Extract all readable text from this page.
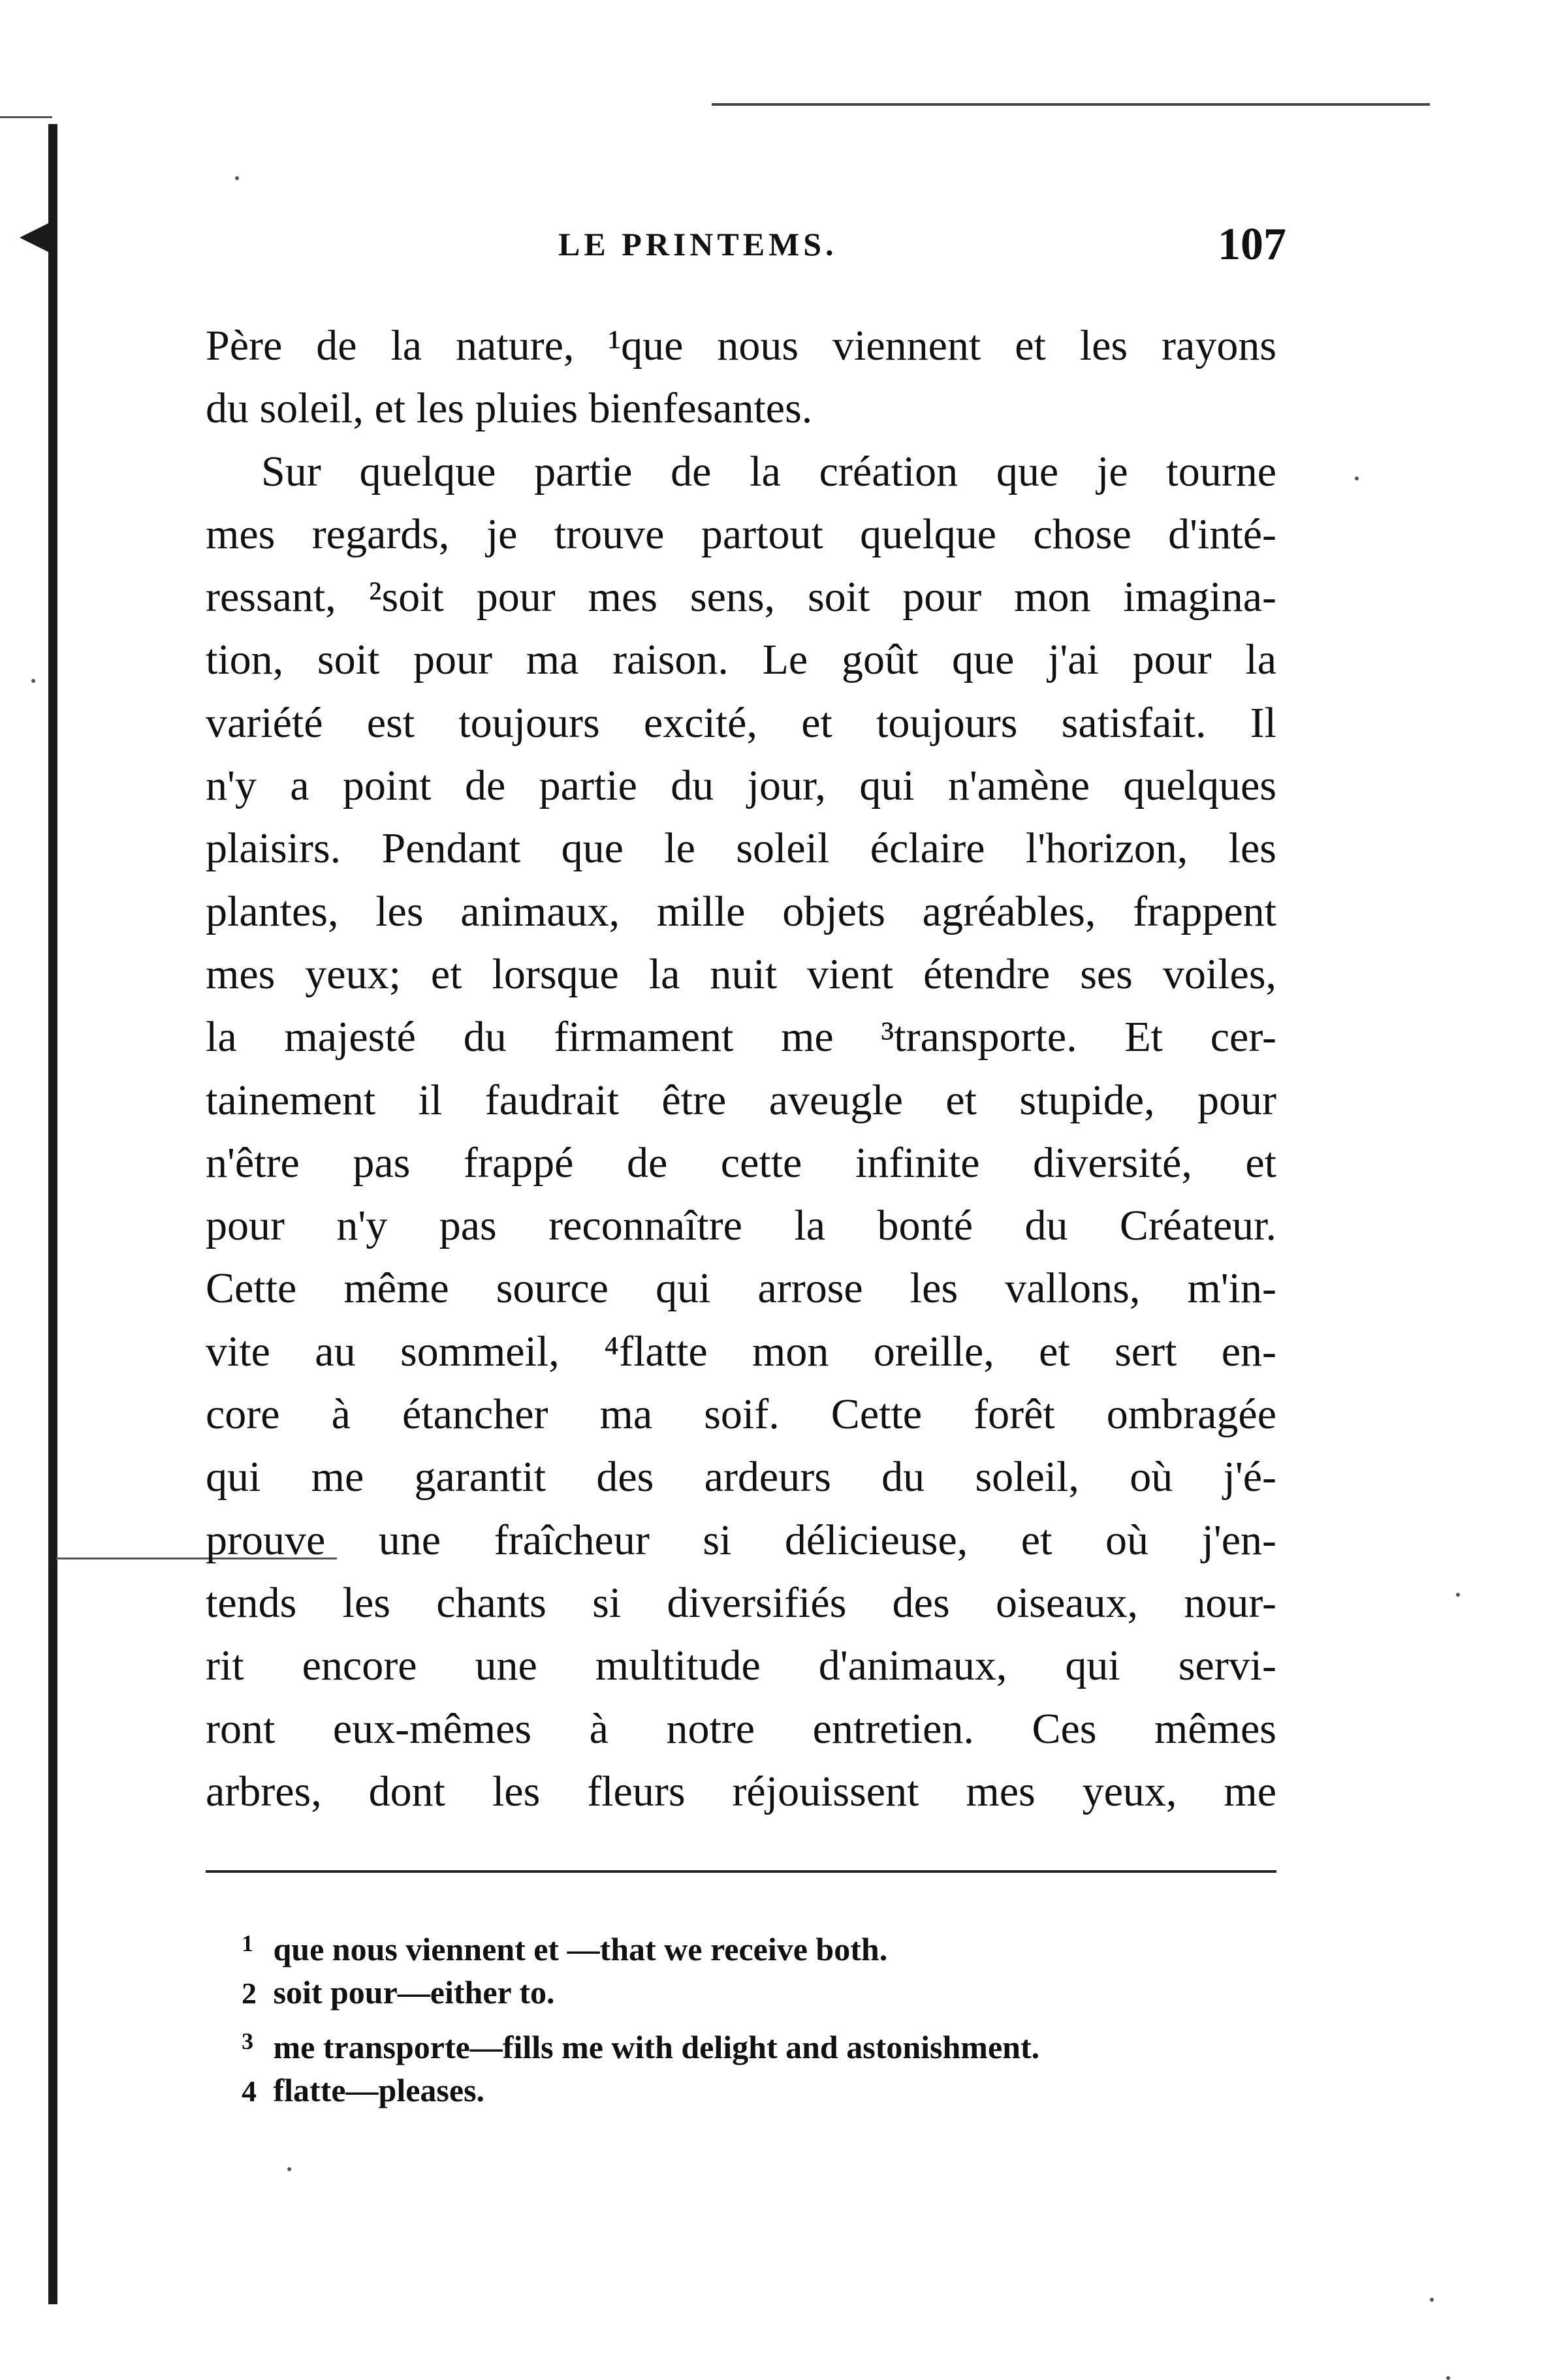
LE PRINTEMS.	107
Père de la nature, ¹que nous viennent et les rayons
du soleil, et les pluies bienfesantes.
Sur quelque partie de la création que je tourne
mes regards, je trouve partout quelque chose d'inté-
ressant, ²soit pour mes sens, soit pour mon imagina-
tion, soit pour ma raison. Le goût que j'ai pour la
variété est toujours excité, et toujours satisfait. Il
n'y a point de partie du jour, qui n'amène quelques
plaisirs. Pendant que le soleil éclaire l'horizon, les
plantes, les animaux, mille objets agréables, frappent
mes yeux; et lorsque la nuit vient étendre ses voiles,
la majesté du firmament me ³transporte. Et cer-
tainement il faudrait être aveugle et stupide, pour
n'être pas frappé de cette infinite diversité, et
pour n'y pas reconnaître la bonté du Créateur.
Cette même source qui arrose les vallons, m'in-
vite au sommeil, ⁴flatte mon oreille, et sert en-
core à étancher ma soif. Cette forêt ombragée
qui me garantit des ardeurs du soleil, où j'é-
prouve une fraîcheur si délicieuse, et où j'en-
tends les chants si diversifiés des oiseaux, nour-
rit encore une multitude d'animaux, qui servi-
ront eux-mêmes à notre entretien. Ces mêmes
arbres, dont les fleurs réjouissent mes yeux, me
1 que nous viennent et —that we receive both.
2 soit pour—either to.
3 me transporte—fills me with delight and astonishment.
4 flatte—pleases.
